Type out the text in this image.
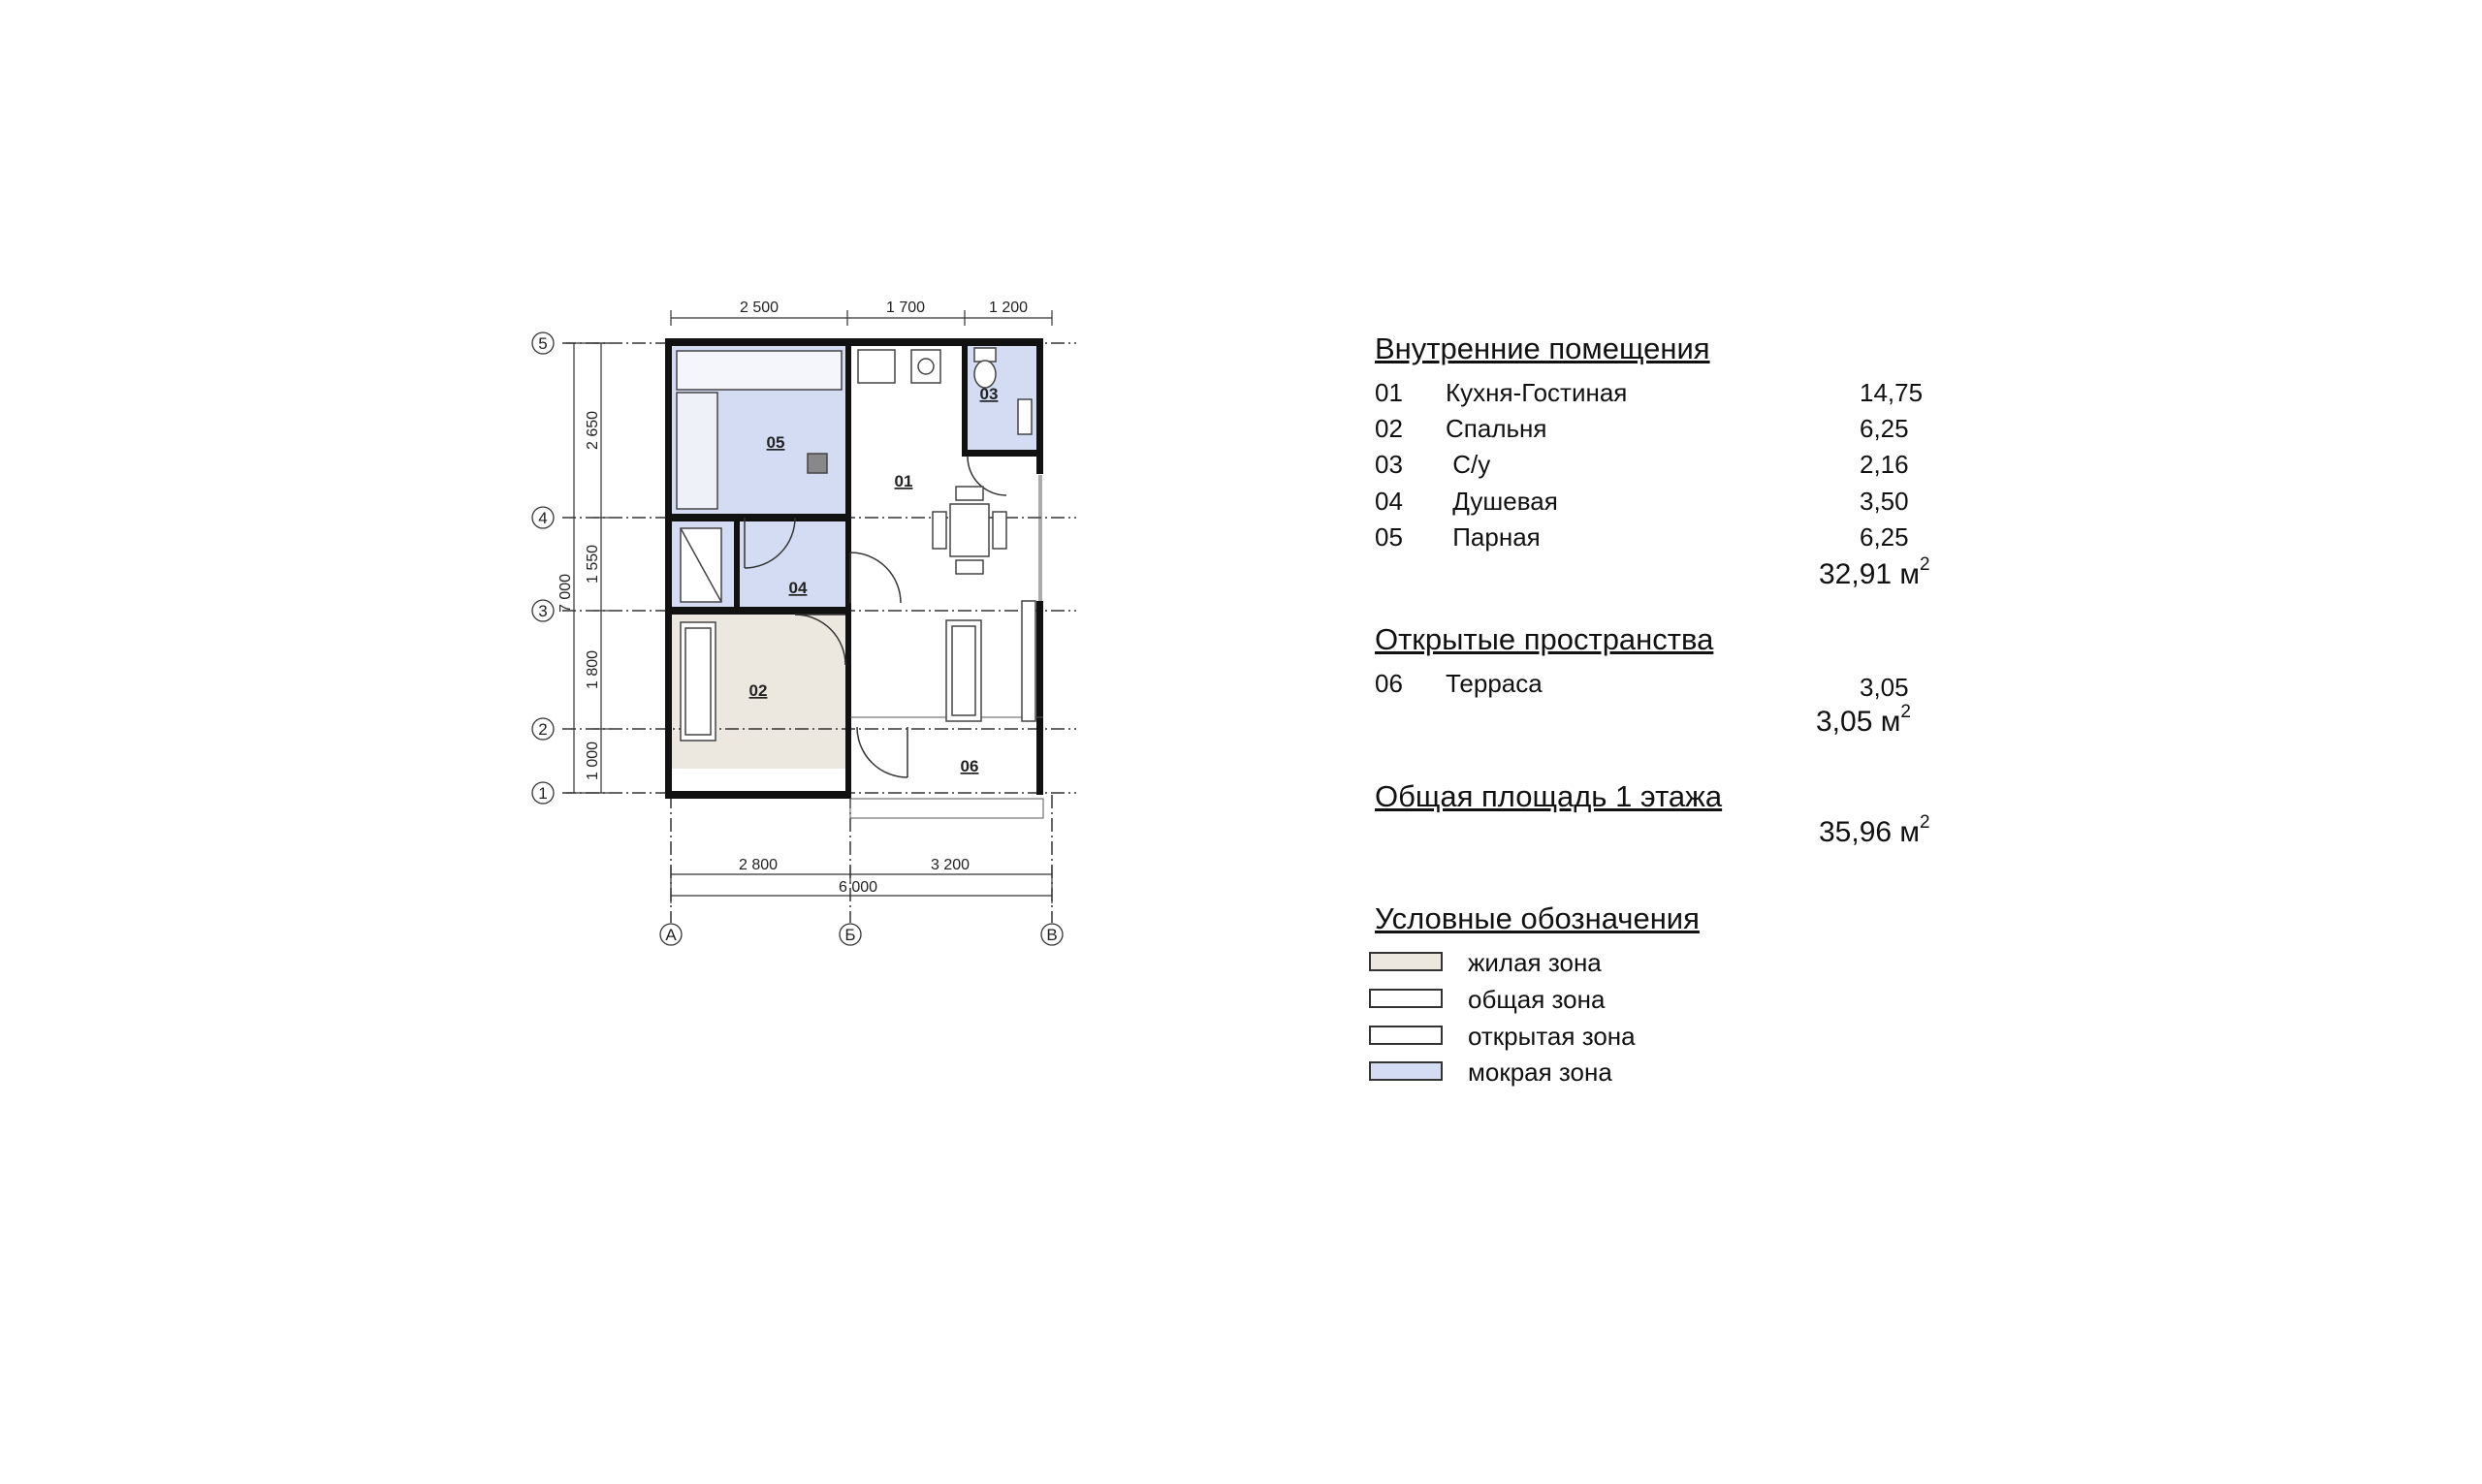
01
02
03
04
05
06
2 500	1 700	1 200
2 800	3 200
6 000
2 650
1 550
1 800
1 000
7 000
5
4
3
2
1
А	Б	В
Внутренние помещения
01 Кухня-Гостиная	14,75
02 Спальня	6,25
03 С/у	2,16
04 Душевая	3,50
05 Парная	6,25
32,91 $м^2$
Открытые пространства
06 Терраса	3,05
3,05 $м^2$
Общая площадь 1 этажа
35,96 $м^2$
Условные обозначения
жилая зона
общая зона
открытая зона
мокрая зона
